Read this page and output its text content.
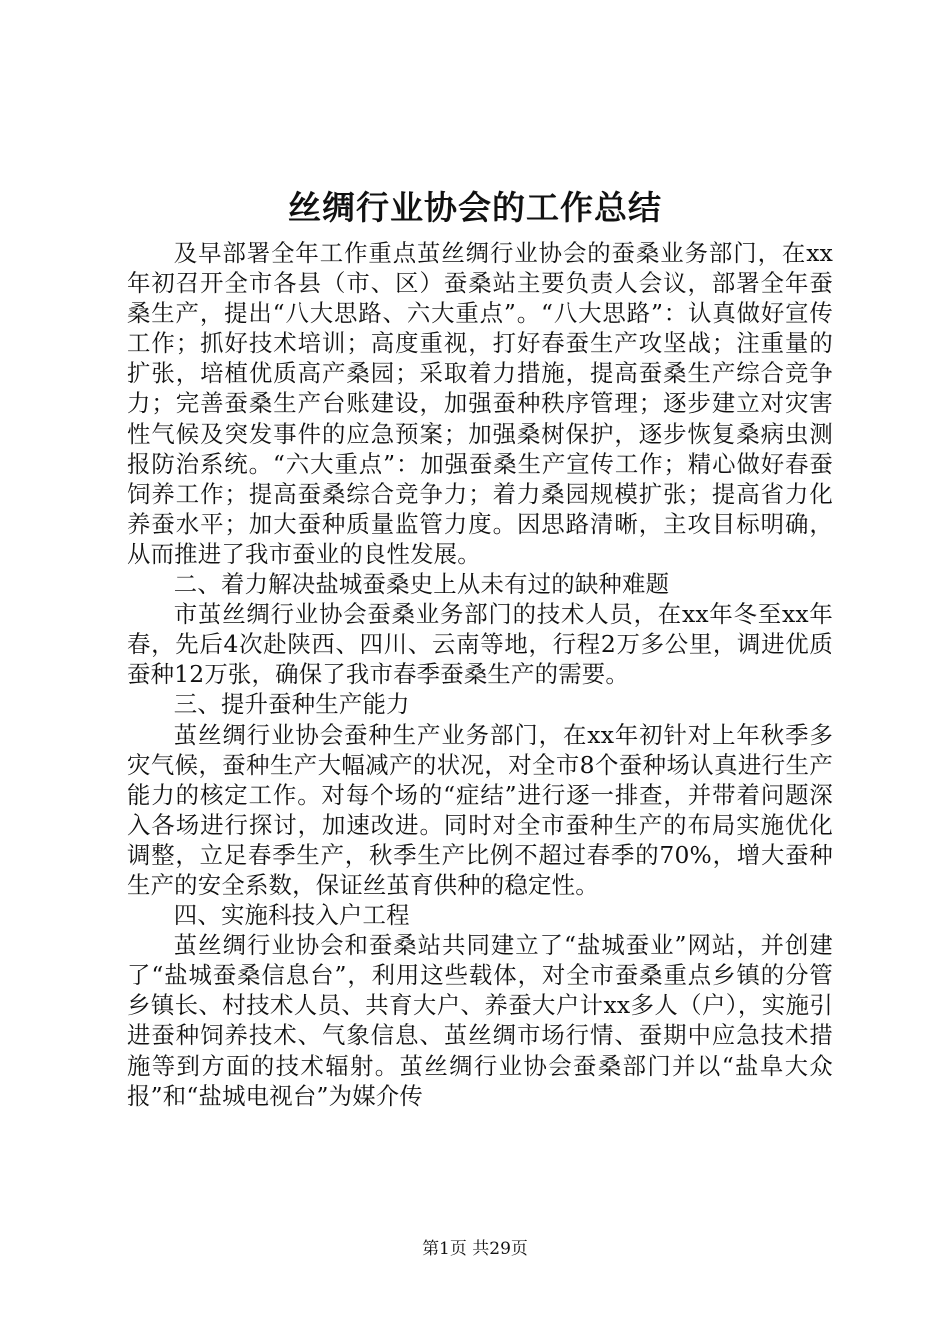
丝绸行业协会的工作总结

及早部署全年工作重点茧丝绸行业协会的蚕桑业务部门，在xx年初召开全市各县（市、区）蚕桑站主要负责人会议，部署全年蚕桑生产，提出“八大思路、六大重点”。“八大思路”：认真做好宣传工作；抓好技术培训；高度重视，打好春蚕生产攻坚战；注重量的扩张，培植优质高产桑园；采取着力措施，提高蚕桑生产综合竞争力；完善蚕桑生产台账建设，加强蚕种秩序管理；逐步建立对灾害性气候及突发事件的应急预案；加强桑树保护，逐步恢复桑病虫测报防治系统。“六大重点”：加强蚕桑生产宣传工作；精心做好春蚕饲养工作；提高蚕桑综合竞争力；着力桑园规模扩张；提高省力化养蚕水平；加大蚕种质量监管力度。因思路清晰，主攻目标明确，从而推进了我市蚕业的良性发展。

二、着力解决盐城蚕桑史上从未有过的缺种难题

市茧丝绸行业协会蚕桑业务部门的技术人员，在xx年冬至xx年春，先后4次赴陕西、四川、云南等地，行程2万多公里，调进优质蚕种12万张，确保了我市春季蚕桑生产的需要。

三、提升蚕种生产能力

茧丝绸行业协会蚕种生产业务部门，在xx年初针对上年秋季多灾气候，蚕种生产大幅减产的状况，对全市8个蚕种场认真进行生产能力的核定工作。对每个场的“症结”进行逐一排查，并带着问题深入各场进行探讨，加速改进。同时对全市蚕种生产的布局实施优化调整，立足春季生产，秋季生产比例不超过春季的70%，增大蚕种生产的安全系数，保证丝茧育供种的稳定性。

四、实施科技入户工程

茧丝绸行业协会和蚕桑站共同建立了“盐城蚕业”网站，并创建了“盐城蚕桑信息台”，利用这些载体，对全市蚕桑重点乡镇的分管乡镇长、村技术人员、共育大户、养蚕大户计xx多人（户），实施引进蚕种饲养技术、气象信息、茧丝绸市场行情、蚕期中应急技术措施等到方面的技术辐射。茧丝绸行业协会蚕桑部门并以“盐阜大众报”和“盐城电视台”为媒介传

第1页 共29页
